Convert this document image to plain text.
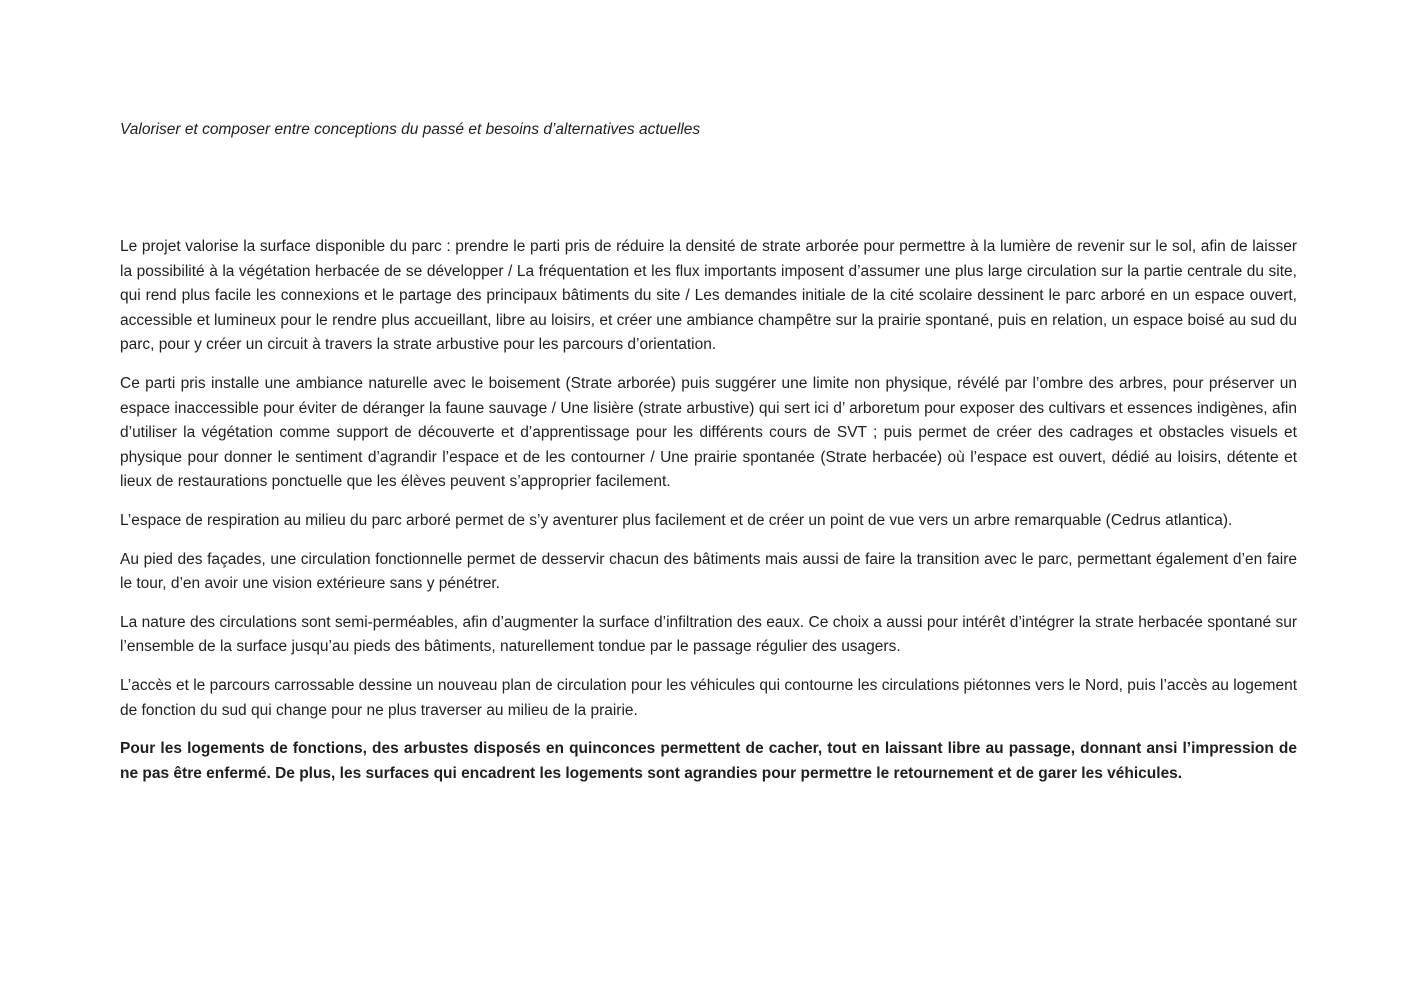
Valoriser et composer entre conceptions du passé et besoins d’alternatives actuelles

Le projet valorise la surface disponible du parc : prendre le parti pris de réduire la densité de strate arborée pour permettre à la lumière de revenir sur le sol, afin de laisser la possibilité à la végétation herbacée de se développer / La fréquentation et les flux importants imposent d’assumer une plus large circulation sur la partie centrale du site, qui rend plus facile les connexions et le partage des principaux bâtiments du site / Les demandes initiale de la cité scolaire dessinent le parc arboré en un espace ouvert, accessible et lumineux pour le rendre plus accueillant, libre au loisirs, et créer une ambiance champêtre sur la prairie spontané, puis en relation, un espace boisé au sud du parc, pour y créer un circuit à travers la strate arbustive pour les parcours d’orientation.

Ce parti pris installe une ambiance naturelle avec le boisement (Strate arborée) puis suggérer une limite non physique, révélé par l’ombre des arbres, pour préserver un espace inaccessible pour éviter de déranger la faune sauvage / Une lisière (strate arbustive) qui sert ici d’ arboretum pour exposer des cultivars et essences indigènes, afin d’utiliser la végétation comme support de découverte et d’apprentissage pour les différents cours de SVT ; puis permet de créer des cadrages et obstacles visuels et physique pour donner le sentiment d’agrandir l’espace et de les contourner / Une prairie spontanée (Strate herbacée) où l’espace est ouvert, dédié au loisirs, détente et lieux de restaurations ponctuelle que les élèves peuvent s’approprier facilement.

L’espace de respiration au milieu du parc arboré permet de s’y aventurer plus facilement et de créer un point de vue vers un arbre remarquable (Cedrus atlantica).

Au pied des façades, une circulation fonctionnelle permet de desservir chacun des bâtiments mais aussi de faire la transition avec le parc, permettant également d’en faire le tour, d’en avoir une vision extérieure sans y pénétrer.

La nature des circulations sont semi-perméables, afin d’augmenter la surface d’infiltration des eaux. Ce choix a aussi pour intérêt d’intégrer la strate herbacée spontané sur l’ensemble de la surface jusqu’au pieds des bâtiments, naturellement tondue par le passage régulier des usagers.

L’accès et le parcours carrossable dessine un nouveau plan de circulation pour les véhicules qui contourne les circulations piétonnes vers le Nord, puis l’accès au logement de fonction du sud qui change pour ne plus traverser au milieu de la prairie.

Pour les logements de fonctions, des arbustes disposés en quinconces permettent de cacher, tout en laissant libre au passage, donnant ansi l’impression de ne pas être enfermé. De plus, les surfaces qui encadrent les logements sont agrandies pour permettre le retournement et de garer les véhicules.
